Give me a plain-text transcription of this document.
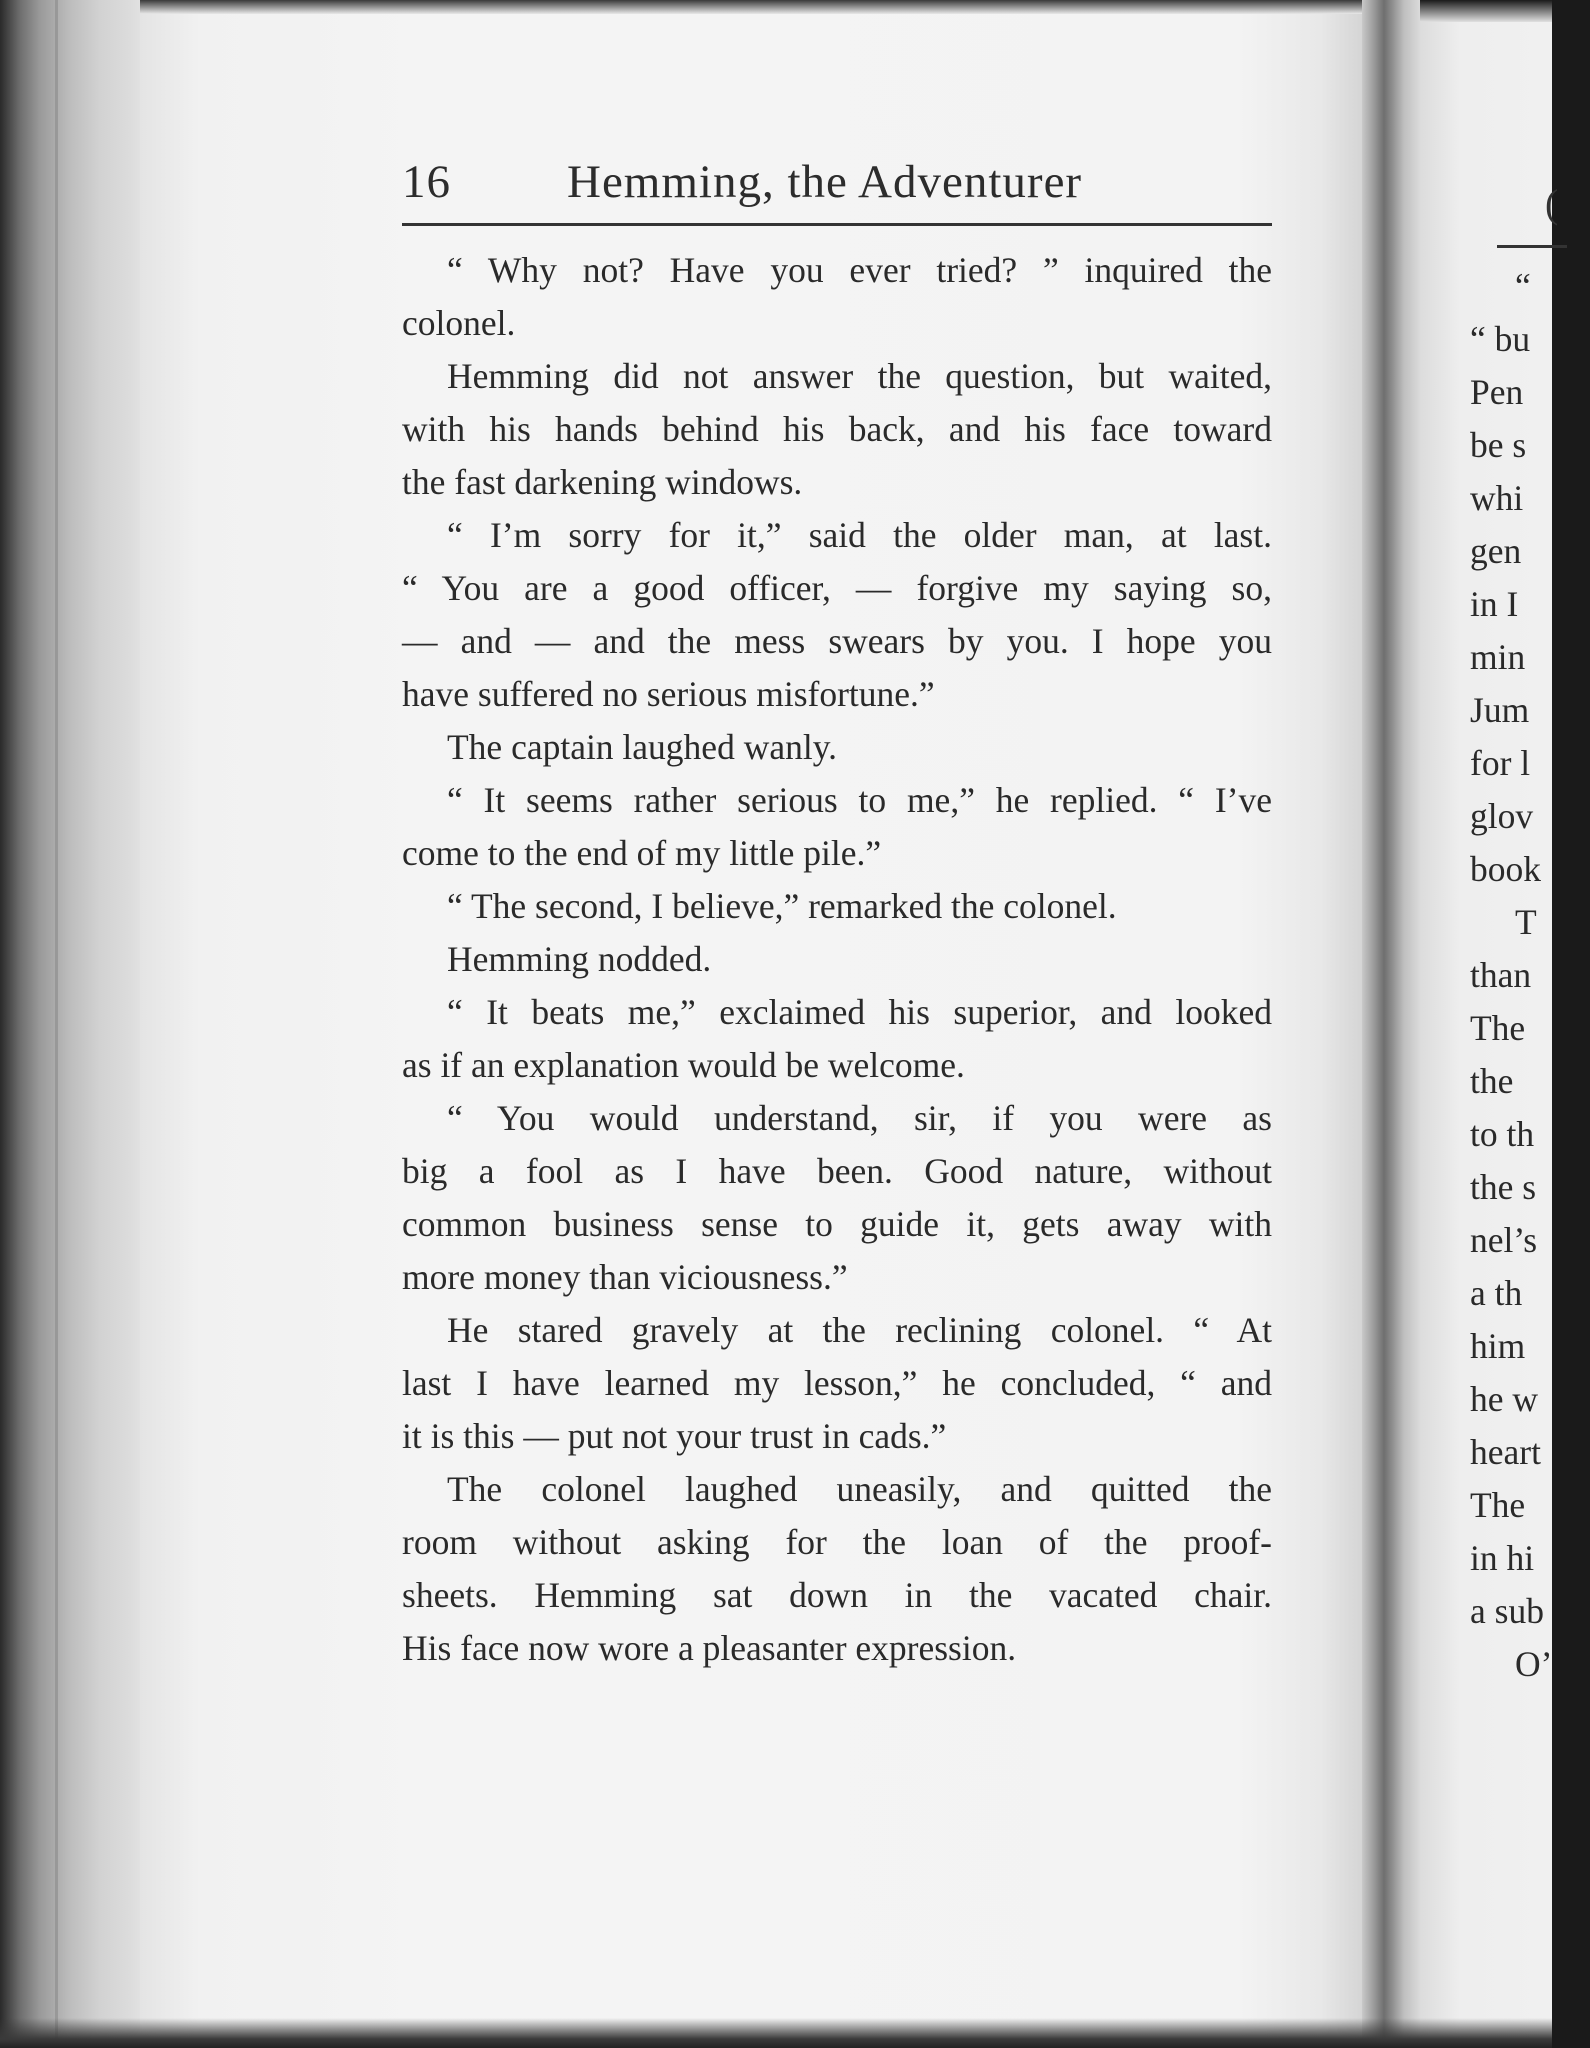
16 Hemming, the Adventurer
“ Why not? Have you ever tried? ” inquired the
colonel.
Hemming did not answer the question, but waited,
with his hands behind his back, and his face toward
the fast darkening windows.
“ I’m sorry for it,” said the older man, at last.
“ You are a good officer, — forgive my saying so,
— and — and the mess swears by you. I hope you
have suffered no serious misfortune.”
The captain laughed wanly.
“ It seems rather serious to me,” he replied. “ I’ve
come to the end of my little pile.”
“ The second, I believe,” remarked the colonel.
Hemming nodded.
“ It beats me,” exclaimed his superior, and looked
as if an explanation would be welcome.
“ You would understand, sir, if you were as
big a fool as I have been. Good nature, without
common business sense to guide it, gets away with
more money than viciousness.”
He stared gravely at the reclining colonel. “ At
last I have learned my lesson,” he concluded, “ and
it is this — put not your trust in cads.”
The colonel laughed uneasily, and quitted the
room without asking for the loan of the proof-
sheets. Hemming sat down in the vacated chair.
His face now wore a pleasanter expression.
(
“
“ bu
Pen
be s
whi
gen
in I
min
Jum
for l
glov
book
T
than
The
the
to th
the s
nel’s
a th
him
he w
heart
The
in hi
a sub
O’
